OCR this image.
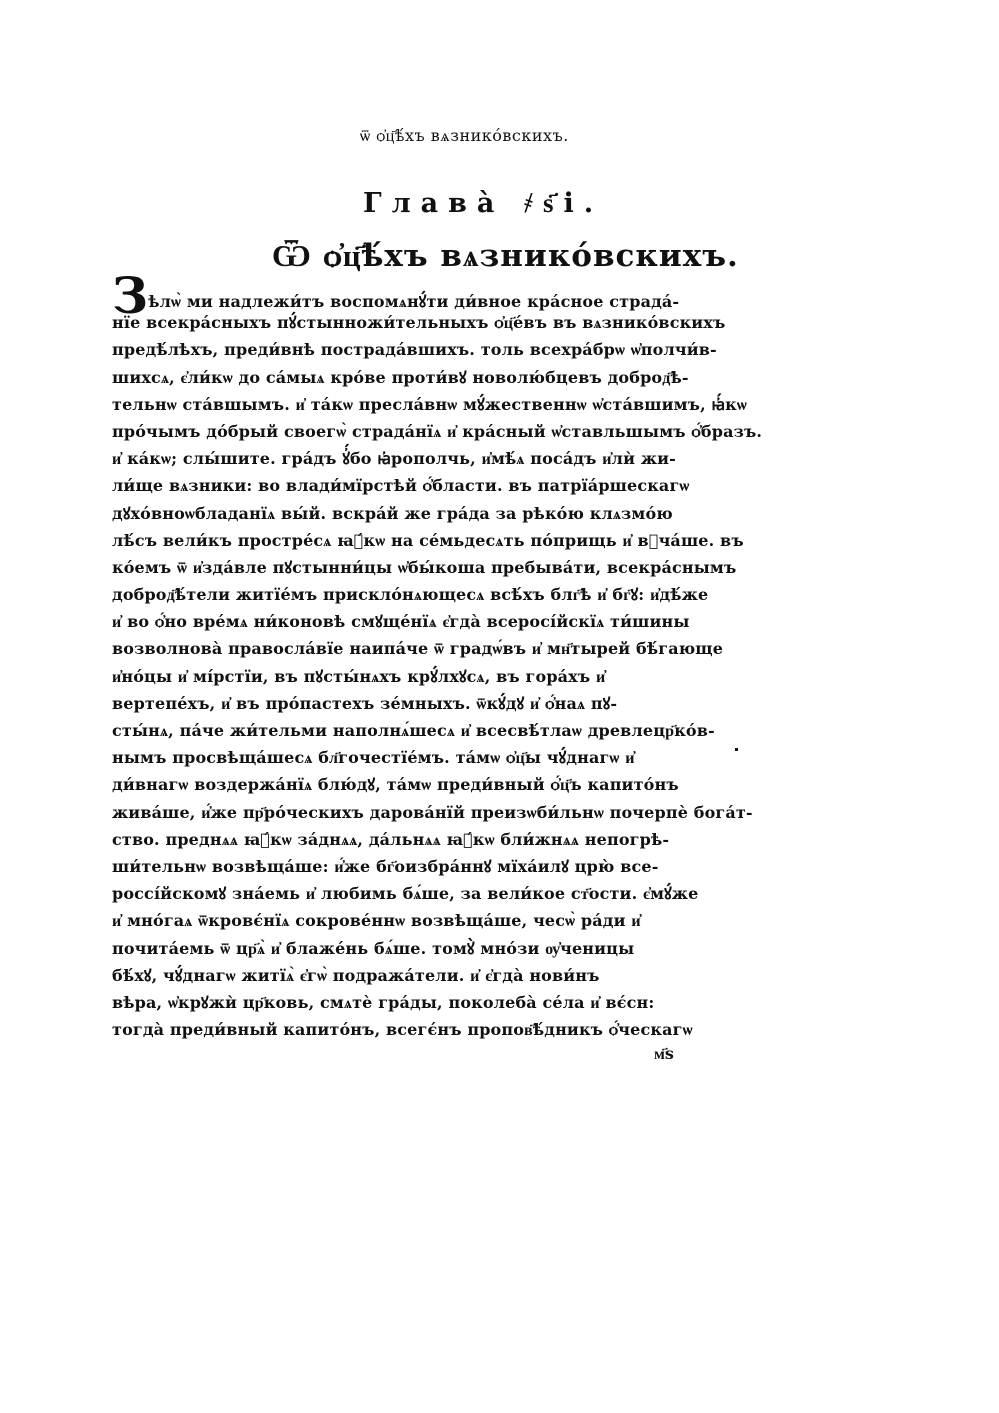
ѿ ѻ҆ц҃ѣ́хъ вѧзнико́вскихъ.
Глава̀ ҂ѕ҃і.
Ѿ ѻ҆ц҃ѣ́хъ вѧзнико́вскихъ.
Зѣлѡ̀ ми надлежи́тъ воспомѧнꙋ́ти ди́вное кра́сное страда́-
нїе всекра́сныхъ пꙋ́стынножи́тельныхъ ѻ҆ц҃е́въ въ вѧзнико́вскихъ
предѣ́лѣхъ, преди́внѣ пострада́вшихъ. толь всехра́брѡ ѡ҆полчи́в-
шихсѧ, є҆ли́кѡ до са́мыѧ кро́ве проти́вꙋ новолю́бцевъ доброд҃ѣ-
тельнѡ ста́вшымъ. и҆ та́кѡ пресла́внѡ мꙋ́жественнѡ ѡ҆ста́вшимъ, ꙗ҆́кѡ
про́чымъ до́брый своегѡ̀ страда́нїѧ и҆ кра́сный ѡ҆ставльшымъ ѻ҆́бразъ.
и҆ ка́кѡ; слы́шите. гра́дъ ꙋ҆́бо ꙗ҆рополчь, и҆мѣ́ѧ поса́дъ и҆лѝ жи-
ли́ще вѧзники: во влади́мїрстѣй ѻ҆́бласти. въ патрїа́ршескагѡ
дꙋхо́вноѡбладанїѧ вы́й. вскра́й же гра́да за рѣко́ю клѧзмо́ю
лѣ́съ вели́къ простре́сѧ ꙗ҆́кѡ на се́мьдесѧть по́прищь и҆ вꙿча́ше. въ
ко́емъ ѿ и҆зда́вле пꙋстынни́цы ѡ҆бы́коша пребыва́ти, всекра́снымъ
доброд҃ѣ́тели житїе́мъ прискло́нѧющесѧ всѣ́хъ блг҃ѣ и҆ бг҃ꙋ: и҆дѣ́же
и҆ во ѻ҆́но вре́мѧ ни́коновѣ смꙋще́нїѧ є҆гда̀ всеросі́йскїѧ ти́шины
возволнова̀ правосла́вїе наипа́че ѿ градѡ́въ и҆ мн҃тырей бѣ́гающе
и҆но́цы и҆ мі́рстїи, въ пꙋсты́нѧхъ крꙋ́лхꙋсѧ, въ гора́хъ и҆
вертепе́хъ, и҆ въ про́пастехъ зе́мныхъ. ѿкꙋ́дꙋ и҆ ѻ҆́наѧ пꙋ-
сты́нѧ, па́че жи́тельми наполнѧ́шесѧ и҆ всесвѣ́тлаѡ древлецр҃ко́в-
нымъ просвѣща́шесѧ бл҃гочестїе́мъ. та́мѡ ѻ҆ц҃ы чꙋ́днагѡ и҆
ди́внагѡ воздержа́нїѧ блю́дꙋ, та́мѡ преди́вный ѻ҆́ц҃ъ капито́нъ
жива́ше, и҆́же пр҃ро́ческихъ дарова́нїй преизѡби́льнѡ почерпѐ бога́т-
ство. преднѧѧ ꙗ҆́кѡ за́днѧѧ, да́льнѧѧ ꙗ҆́кѡ бли́жнѧѧ непогрѣ-
ши́тельнѡ возвѣща́ше: и҆́же бг҃оизбра́ннꙋ мїха́илꙋ црю̀ все-
россі́йскомꙋ зна́емь и҆ любимь бѧ́ше, за вели́кое ст҃ости. є҆мꙋ́же
и҆ мно́гаѧ ѿкровє́нїѧ сокрове́ннѡ возвѣща́ше, чесѡ̀ ра́ди и҆
почита́емь ѿ цр҃ѧ̀ и҆ блаже́нь бѧ́ше. томꙋ̀ мно́зи ѹ҆ченицы
бѣ́хꙋ, чꙋ́днагѡ житїѧ̀ є҆гѡ̀ подража́тели. и҆ є҆гда̀ нови́нъ
вѣра, ѡ҆крꙋжѝ цр҃ковь, смѧтѐ гра́ды, поколеба̀ се́ла и҆ вє́сн:
тогда̀ преди́вный капито́нъ, всегє́нъ пропов҃ѣ́дникъ ѻ҆́ческагѡ
м҃ѕ
